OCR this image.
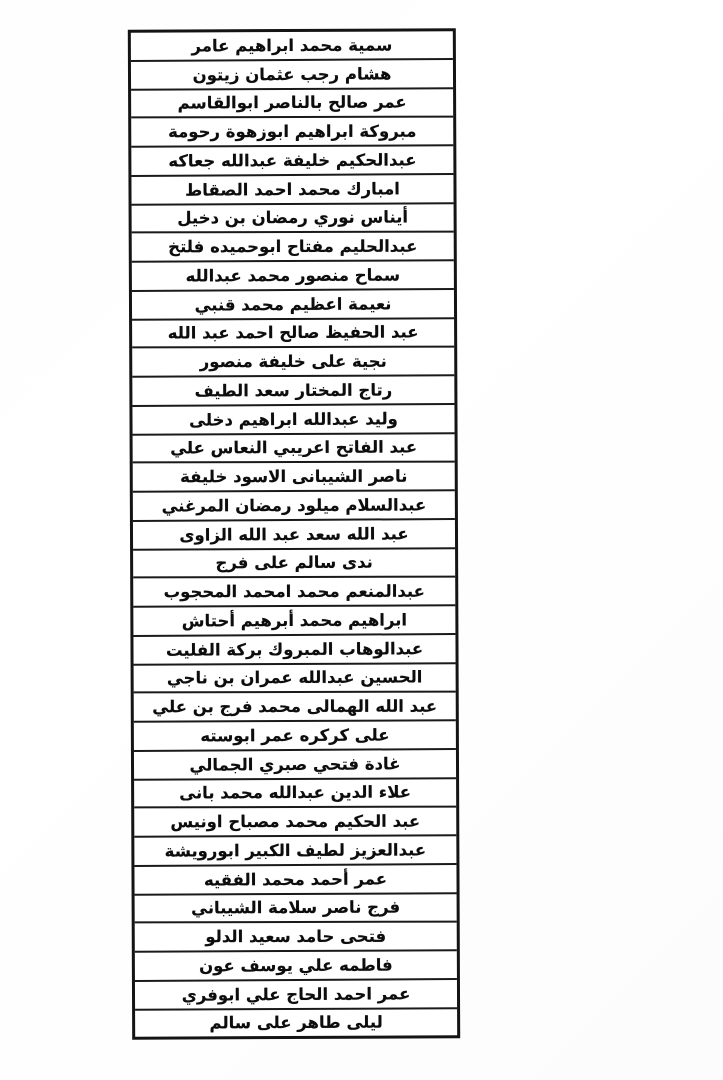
سمية محمد ابراهيم عامر
هشام رجب عثمان زيتون
عمر صالح بالناصر ابوالقاسم
مبروكة ابراهيم ابوزهوة رحومة
عبدالحكيم خليفة عبدالله جعاكه
امبارك محمد احمد الصقاط
أيناس نوري رمضان بن دخيل
عبدالحليم مفتاح ابوحميده فلتخ
سماح منصور محمد عبدالله
نعيمة اعظيم محمد قنبي
عبد الحفيظ صالح احمد عبد الله
نجية على خليفة منصور
رتاج المختار سعد الطيف
وليد عبدالله ابراهيم دخلى
عبد الفاتح اعريبي النعاس علي
ناصر الشيبانى الاسود خليفة
عبدالسلام ميلود رمضان المرغني
عبد الله سعد عبد الله الزاوى
ندى سالم على فرج
عبدالمنعم محمد امحمد المحجوب
ابراهيم محمد أبرهيم أحتاش
عبدالوهاب المبروك بركة الفليت
الحسين عبدالله عمران بن ناجي
عبد الله الهمالى محمد فرج بن علي
على كركره عمر ابوسته
غادة فتحي صبري الجمالي
علاء الدين عبدالله محمد بانى
عبد الحكيم محمد مصباح اونيس
عبدالعزيز لطيف الكبير ابورويشة
عمر أحمد محمد الفقيه
فرج ناصر سلامة الشيباني
فتحى حامد سعيد الدلو
فاطمه علي يوسف عون
عمر احمد الحاج علي ابوفري
ليلى طاهر على سالم
